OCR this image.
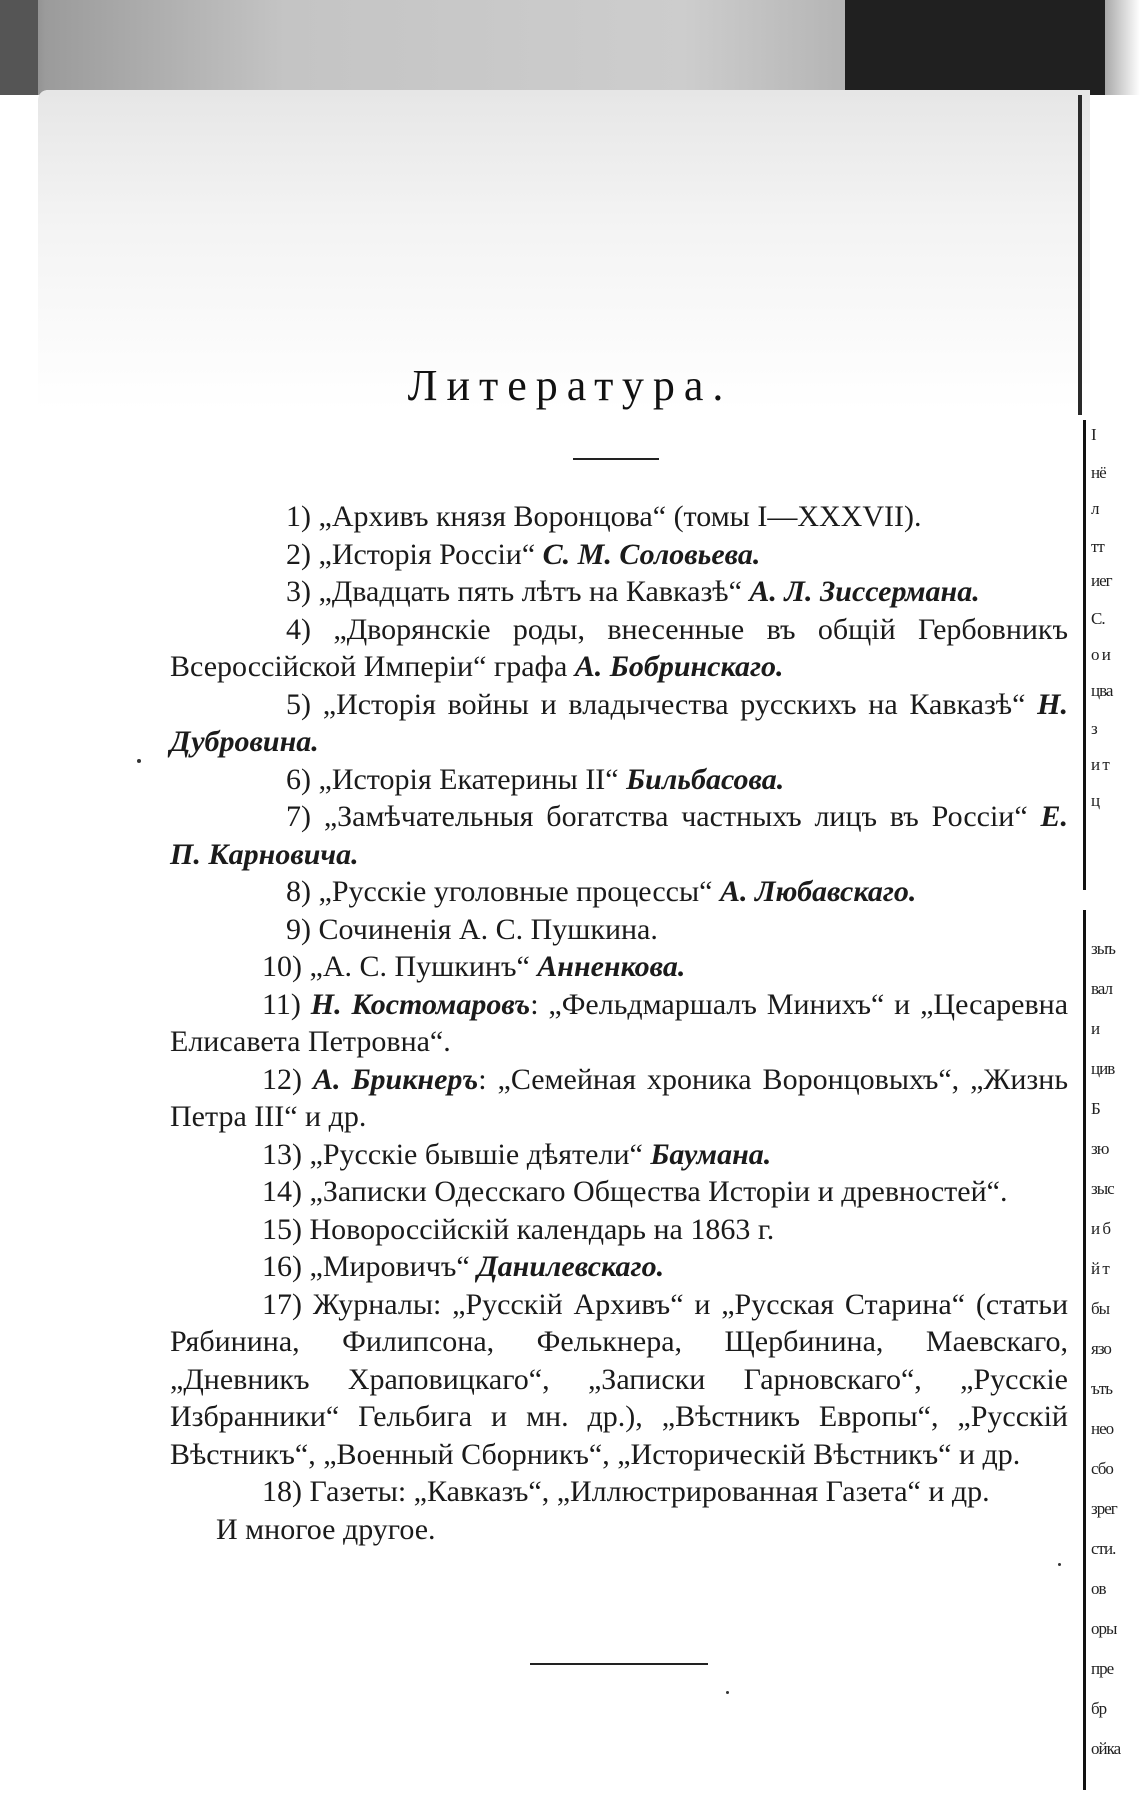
I
нё
л
тт
иег
С.
о и
цва
з
и т
ц
зыъ
вал
и
цив
Б
зю
зыс
и б
й т
бы
язо
ъть
нео
сбо
зрег
сти.
ов
оры
пре
бр
ойка
Литература.

1) „Архивъ князя Воронцова“ (томы I—XXXVII).

2) „Исторія Россіи“ С. М. Соловьева.

3) „Двадцать пять лѣтъ на Кавказѣ“ А. Л. Зиссермана.

4) „Дворянскіе роды, внесенные въ общій Гербовникъ Всероссійской Имперіи“ графа А. Бобринскаго.

5) „Исторія войны и владычества русскихъ на Кавказѣ“ Н. Дубровина.

6) „Исторія Екатерины II“ Бильбасова.

7) „Замѣчательныя богатства частныхъ лицъ въ Россіи“ Е. П. Карновича.

8) „Русскіе уголовные процессы“ А. Любавскаго.

9) Сочиненія А. С. Пушкина.

10) „А. С. Пушкинъ“ Анненкова.

11) Н. Костомаровъ: „Фельдмаршалъ Минихъ“ и „Цесаревна Елисавета Петровна“.

12) А. Брикнеръ: „Семейная хроника Воронцовыхъ“, „Жизнь Петра III“ и др.

13) „Русскіе бывшіе дѣятели“ Баумана.

14) „Записки Одесскаго Общества Исторіи и древностей“.

15) Новороссійскій календарь на 1863 г.

16) „Мировичъ“ Данилевскаго.

17) Журналы: „Русскій Архивъ“ и „Русская Старина“ (статьи Рябинина, Филипсона, Фелькнера, Щербинина, Маевскаго, „Дневникъ Храповицкаго“, „Записки Гарновскаго“, „Русскіе Избранники“ Гельбига и мн. др.), „Вѣстникъ Европы“, „Русскій Вѣстникъ“, „Военный Сборникъ“, „Историческій Вѣстникъ“ и др.

18) Газеты: „Кавказъ“, „Иллюстрированная Газета“ и др.

И многое другое.
